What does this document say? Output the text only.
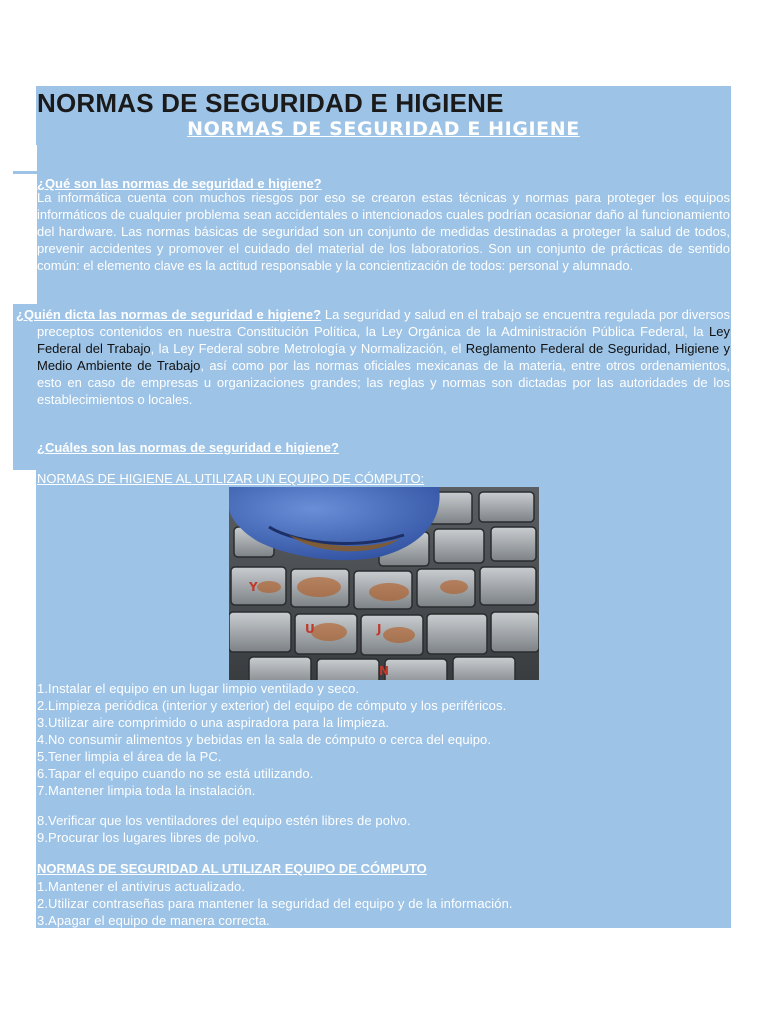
NORMAS DE SEGURIDAD E HIGIENE
NORMAS DE SEGURIDAD E HIGIENE

¿Qué son las normas de seguridad e higiene?

La informática cuenta con muchos riesgos por eso se crearon estas técnicas y normas para proteger los equipos informáticos de cualquier problema sean accidentales o intencionados cuales podrían ocasionar daño al funcionamiento del hardware. Las normas básicas de seguridad son un conjunto de medidas destinadas a proteger la salud de todos, prevenir accidentes y promover el cuidado del material de los laboratorios. Son un conjunto de prácticas de sentido común: el elemento clave es la actitud responsable y la concientización de todos: personal y alumnado.

¿Quién dicta las normas de seguridad e higiene? La seguridad y salud en el trabajo se encuentra regulada por diversos preceptos contenidos en nuestra Constitución Política, la Ley Orgánica de la Administración Pública Federal, la Ley Federal del Trabajo, la Ley Federal sobre Metrología y Normalización, el Reglamento Federal de Seguridad, Higiene y Medio Ambiente de Trabajo, así como por las normas oficiales mexicanas de la materia, entre otros ordenamientos, esto en caso de empresas u organizaciones grandes; las reglas y normas son dictadas por las autoridades de los establecimientos o locales.

¿Cuáles son las normas de seguridad e higiene?

NORMAS DE HIGIENE AL UTILIZAR UN EQUIPO DE CÓMPUTO:

U	J
N
Y
1.Instalar el equipo en un lugar limpio ventilado y seco.
2.Limpieza periódica (interior y exterior) del equipo de cómputo y los periféricos.
3.Utilizar aire comprimido o una aspiradora para la limpieza.
4.No consumir alimentos y bebidas en la sala de cómputo o cerca del equipo.
5.Tener limpia el área de la PC.
6.Tapar el equipo cuando no se está utilizando.
7.Mantener limpia toda la instalación.
8.Verificar que los ventiladores del equipo estén libres de polvo.
9.Procurar los lugares libres de polvo.

NORMAS DE SEGURIDAD AL UTILIZAR EQUIPO DE CÓMPUTO

1.Mantener el antivirus actualizado.
2.Utilizar contraseñas para mantener la seguridad del equipo y de la información.
3.Apagar el equipo de manera correcta.
